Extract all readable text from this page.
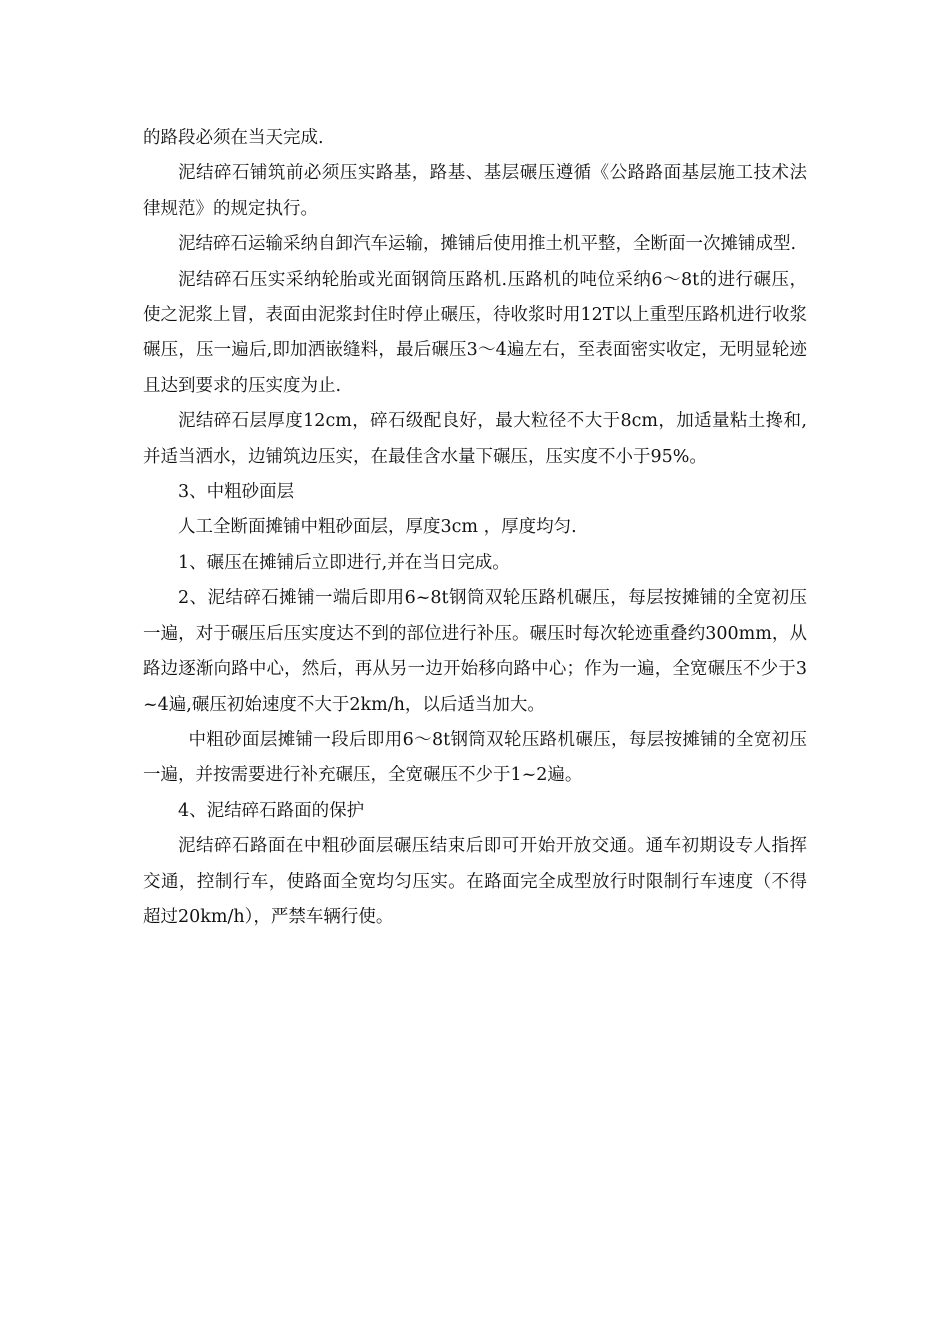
的路段必须在当天完成.

泥结碎石铺筑前必须压实路基，路基、基层碾压遵循《公路路面基层施工技术法律规范》的规定执行。

泥结碎石运输采纳自卸汽车运输，摊铺后使用推土机平整，全断面一次摊铺成型.

泥结碎石压实采纳轮胎或光面钢筒压路机.压路机的吨位采纳6～8t的进行碾压，使之泥浆上冒，表面由泥浆封住时停止碾压，待收浆时用12T以上重型压路机进行收浆碾压，压一遍后,即加洒嵌缝料，最后碾压3～4遍左右，至表面密实收定，无明显轮迹且达到要求的压实度为止.

泥结碎石层厚度12cm，碎石级配良好，最大粒径不大于8cm，加适量粘土搀和,并适当洒水，边铺筑边压实，在最佳含水量下碾压，压实度不小于95%。

3、中粗砂面层

人工全断面摊铺中粗砂面层，厚度3cm ，厚度均匀.

1、碾压在摊铺后立即进行,并在当日完成。

2、泥结碎石摊铺一端后即用6~8t钢筒双轮压路机碾压，每层按摊铺的全宽初压一遍，对于碾压后压实度达不到的部位进行补压。碾压时每次轮迹重叠约300mm，从路边逐渐向路中心，然后，再从另一边开始移向路中心；作为一遍，全宽碾压不少于3~4遍,碾压初始速度不大于2km/h，以后适当加大。

中粗砂面层摊铺一段后即用6～8t钢筒双轮压路机碾压，每层按摊铺的全宽初压一遍，并按需要进行补充碾压，全宽碾压不少于1~2遍。

4、泥结碎石路面的保护

泥结碎石路面在中粗砂面层碾压结束后即可开始开放交通。通车初期设专人指挥交通，控制行车，使路面全宽均匀压实。在路面完全成型放行时限制行车速度（不得超过20km/h），严禁车辆行使。
